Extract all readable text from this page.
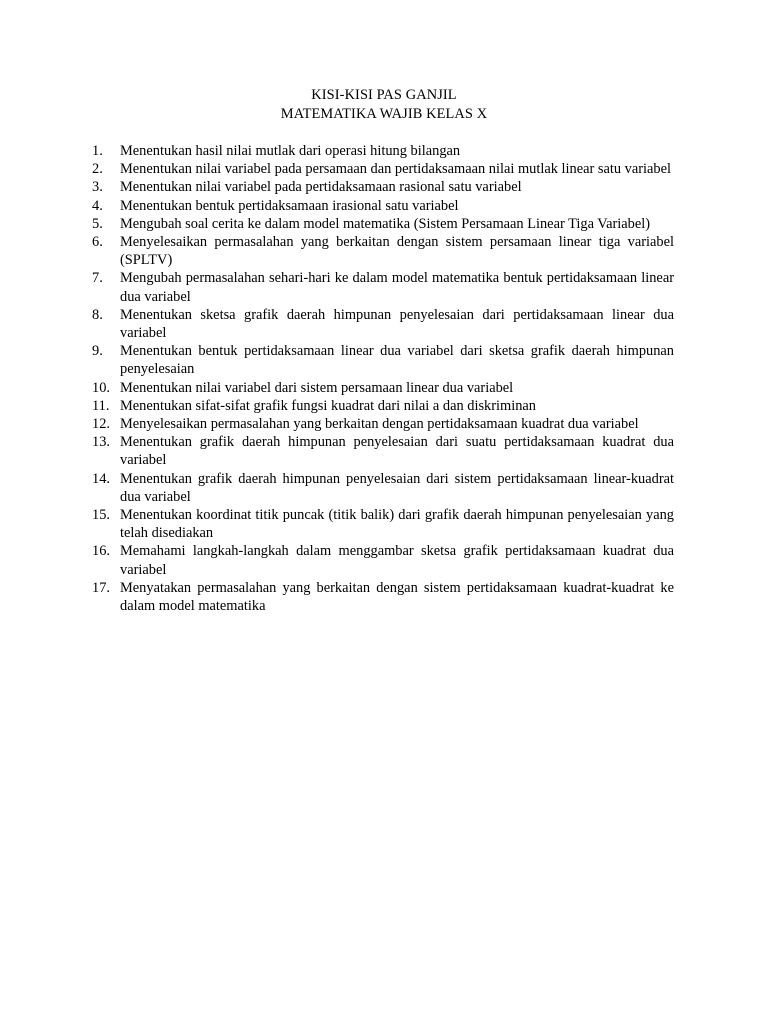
KISI-KISI PAS GANJIL
MATEMATIKA WAJIB KELAS X
1.	Menentukan hasil nilai mutlak dari operasi hitung bilangan
2.	Menentukan nilai variabel pada persamaan dan pertidaksamaan nilai mutlak linear satu variabel
3.	Menentukan nilai variabel pada pertidaksamaan rasional satu variabel
4.	Menentukan bentuk pertidaksamaan irasional satu variabel
5.	Mengubah soal cerita ke dalam model matematika (Sistem Persamaan Linear Tiga Variabel)
6.	Menyelesaikan permasalahan yang berkaitan dengan sistem persamaan linear tiga variabel (SPLTV)
7.	Mengubah permasalahan sehari-hari ke dalam model matematika bentuk pertidaksamaan linear dua variabel
8.	Menentukan sketsa grafik daerah himpunan penyelesaian dari pertidaksamaan linear dua variabel
9.	Menentukan bentuk pertidaksamaan linear dua variabel dari sketsa grafik daerah himpunan penyelesaian
10. Menentukan nilai variabel dari sistem persamaan linear dua variabel
11. Menentukan sifat-sifat grafik fungsi kuadrat dari nilai a dan diskriminan
12. Menyelesaikan permasalahan yang berkaitan dengan pertidaksamaan kuadrat dua variabel
13. Menentukan grafik daerah himpunan penyelesaian dari suatu pertidaksamaan kuadrat dua variabel
14. Menentukan grafik daerah himpunan penyelesaian dari sistem pertidaksamaan linear-kuadrat dua variabel
15. Menentukan koordinat titik puncak (titik balik) dari grafik daerah himpunan penyelesaian yang telah disediakan
16. Memahami langkah-langkah dalam menggambar sketsa grafik pertidaksamaan kuadrat dua variabel
17. Menyatakan permasalahan yang berkaitan dengan sistem pertidaksamaan kuadrat-kuadrat ke dalam model matematika
